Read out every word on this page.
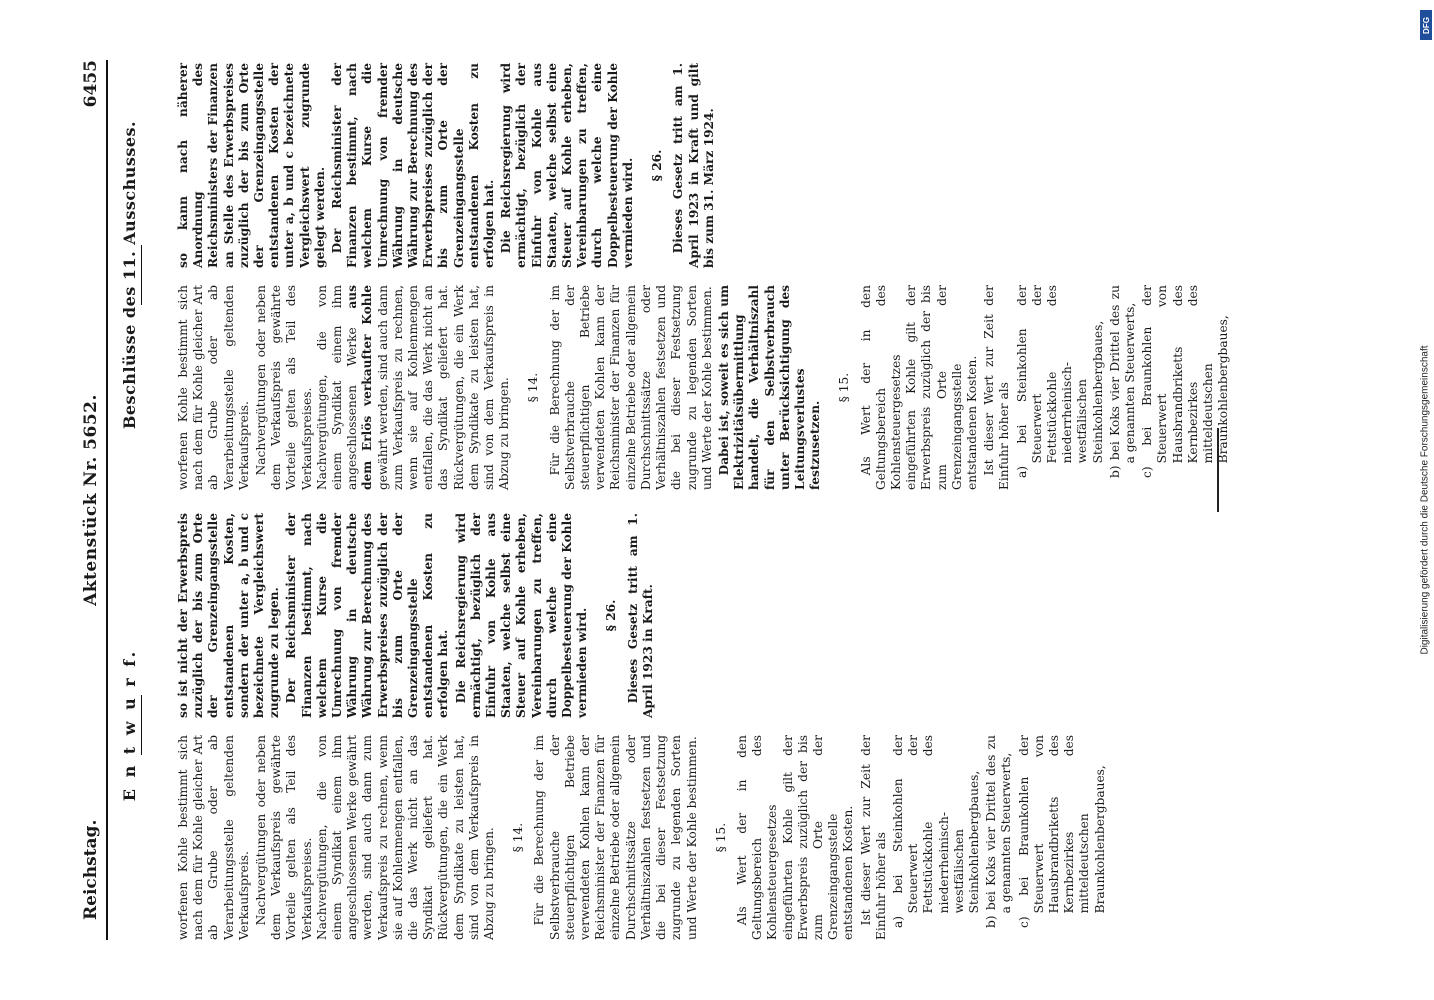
Reichstag.
Aktenstück Nr. 5652.
6455
E n t w u r f.

worfenen Kohle bestimmt sich nach dem für Kohle gleicher Art ab Grube oder ab Verarbeitungsstelle geltenden Verkaufspreis. Nachvergütungen oder neben dem Verkaufspreis gewährte Vorteile gelten als Teil des Verkaufspreises. Nachvergütungen, die von einem Syndikat einem ihm angeschlossenen Werke gewährt werden, sind auch dann zum Verkaufspreis zu rechnen, wenn sie auf Kohlenmengen entfallen, die das Werk nicht an das Syndikat geliefert hat. Rückvergütungen, die ein Werk dem Syndikate zu leisten hat, sind von dem Verkaufspreis in Abzug zu bringen. § 14. Für die Berechnung der im Selbstverbrauche der steuerpflichtigen Betriebe verwendeten Kohlen kann der Reichsminister der Finanzen für einzelne Betriebe oder allgemein Durchschnittssätze oder Verhältniszahlen festsetzen und die bei dieser Festsetzung zugrunde zu legenden Sorten und Werte der Kohle bestimmen. § 15. Als Wert der in den Geltungsbereich des Kohlensteuergesetzes eingeführten Kohle gilt der Erwerbspreis zuzüglich der bis zum Orte der Grenzeingangsstelle entstandenen Kosten. Ist dieser Wert zur Zeit der Einfuhr höher als a) bei Steinkohlen der Steuerwert der Fettstückkohle des niederrheinisch-westfälischen Steinkohlenbergbaues, b) bei Koks vier Drittel des zu a genannten Steuerwerts, c) bei Braunkohlen der Steuerwert von Hausbrandbriketts des Kernbezirkes des mitteldeutschen Braunkohlenbergbaues,

so ist nicht der Erwerbspreis zuzüglich der bis zum Orte der Grenzeingangsstelle entstandenen Kosten, sondern der unter a, b und c bezeichnete Vergleichswert zugrunde zu legen. Der Reichsminister der Finanzen bestimmt, nach welchem Kurse die Umrechnung von fremder Währung in deutsche Währung zur Berechnung des Erwerbspreises zuzüglich der bis zum Orte der Grenzeingangsstelle entstandenen Kosten zu erfolgen hat. Die Reichsregierung wird ermächtigt, bezüglich der Einfuhr von Kohle aus Staaten, welche selbst eine Steuer auf Kohle erheben, Vereinbarungen zu treffen, durch welche eine Doppelbesteuerung der Kohle vermieden wird. § 26. Dieses Gesetz tritt am 1. April 1923 in Kraft.

Beschlüsse des 11. Ausschusses.	worfenen Kohle bestimmt sich nach dem für Kohle gleicher Art ab Grube oder ab Verarbeitungsstelle geltenden Verkaufspreis. Nachvergütungen oder neben dem Verkaufspreis gewährte Vorteile gelten als Teil des Verkaufspreises. Nachvergütungen, die von einem Syndikat einem ihm angeschlossenen Werke aus dem Erlös verkaufter Kohle gewährt werden, sind auch dann zum Verkaufspreis zu rechnen, wenn sie auf Kohlenmengen entfallen, die das Werk nicht an das Syndikat geliefert hat. Rückvergütungen, die ein Werk dem Syndikate zu leisten hat, sind von dem Verkaufspreis in Abzug zu bringen. § 14. Für die Berechnung der im Selbstverbrauche der steuerpflichtigen Betriebe verwendeten Kohlen kann der Reichsminister der Finanzen für einzelne Betriebe oder allgemein Durchschnittssätze oder Verhältniszahlen festsetzen und die bei dieser Festsetzung zugrunde zu legenden Sorten und Werte der Kohle bestimmen. Dabei ist, soweit es sich um Elektrizitätsübermittlung handelt, die Verhältniszahl für den Selbstverbrauch unter Berücksichtigung des Leitungsverlustes festzusetzen.

§ 15. Als Wert der in den Geltungsbereich des Kohlensteuergesetzes eingeführten Kohle gilt der Erwerbspreis zuzüglich der bis zum Orte der Grenzeingangsstelle entstandenen Kosten. Ist dieser Wert zur Zeit der Einfuhr höher als a) bei Steinkohlen der Steuerwert der Fettstückkohle des niederrheinisch-westfälischen Steinkohlenbergbaues, b) bei Koks vier Drittel des zu a genannten Steuerwerts, c) bei Braunkohlen der Steuerwert von Hausbrandbriketts des Kernbezirkes des mitteldeutschen Braunkohlenbergbaues,

so kann nach näherer Anordnung des Reichsministers der Finanzen an Stelle des Erwerbspreises zuzüglich der bis zum Orte der Grenzeingangsstelle entstandenen Kosten der unter a, b und c bezeichnete Vergleichswert zugrunde gelegt werden. Der Reichsminister der Finanzen bestimmt, nach welchem Kurse die Umrechnung von fremder Währung in deutsche Währung zur Berechnung des Erwerbspreises zuzüglich der bis zum Orte der Grenzeingangsstelle entstandenen Kosten zu erfolgen hat. Die Reichsregierung wird ermächtigt, bezüglich der Einfuhr von Kohle aus Staaten, welche selbst eine Steuer auf Kohle erheben, Vereinbarungen zu treffen, durch welche eine Doppelbesteuerung der Kohle vermieden wird. § 26. Dieses Gesetz tritt am 1. April 1923 in Kraft und gilt bis zum 31. März 1924.

DFG
Digitalisierung gefördert durch die Deutsche Forschungsgemeinschaft
